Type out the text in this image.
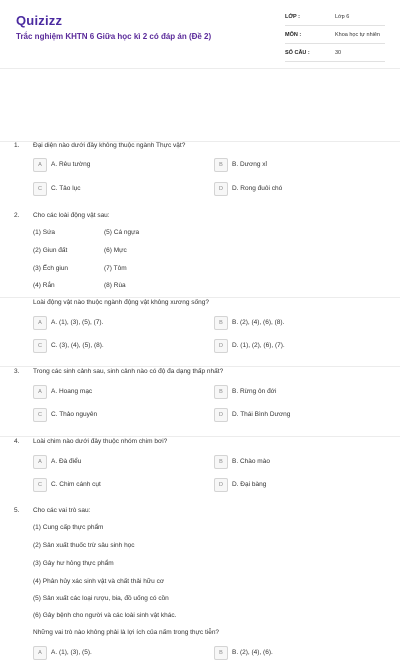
Quizizz
Trắc nghiệm KHTN 6 Giữa học kì 2 có đáp án (Đề 2)
LỚP :	Lớp 6
MÔN :	Khoa học tự nhiên
SỐ CÂU :	30
1. Đại diện nào dưới đây không thuộc ngành Thực vật?
A	A. Rêu tường	B	B. Dương xỉ
C	C. Tảo lục	D	D. Rong đuôi chó
2. Cho các loài động vật sau:
(1) Sứa	(5) Cá ngựa
(2) Giun đất	(6) Mực
(3) Ếch giun	(7) Tôm
(4) Rắn	(8) Rùa
Loài động vật nào thuộc ngành động vật không xương sống?
A	A. (1), (3), (5), (7).	B	B. (2), (4), (6), (8).
C	C. (3), (4), (5), (8).	D	D. (1), (2), (6), (7).
3. Trong các sinh cảnh sau, sinh cảnh nào có độ đa dạng thấp nhất?
A	A. Hoang mạc	B	B. Rừng ôn đới
C	C. Thảo nguyên	D	D. Thái Bình Dương
4. Loài chim nào dưới đây thuộc nhóm chim bơi?
A	A. Đà điểu	B	B. Chào mào
C	C. Chim cánh cụt	D	D. Đại bàng
5. Cho các vai trò sau:
(1) Cung cấp thực phẩm
(2) Sản xuất thuốc trừ sâu sinh học
(3) Gây hư hỏng thực phẩm
(4) Phân hủy xác sinh vật và chất thải hữu cơ
(5) Sản xuất các loại rượu, bia, đồ uống có cồn
(6) Gây bệnh cho người và các loài sinh vật khác.
Những vai trò nào không phải là lợi ích của nấm trong thực tiễn?
A	A. (1), (3), (5).	B	B. (2), (4), (6).
